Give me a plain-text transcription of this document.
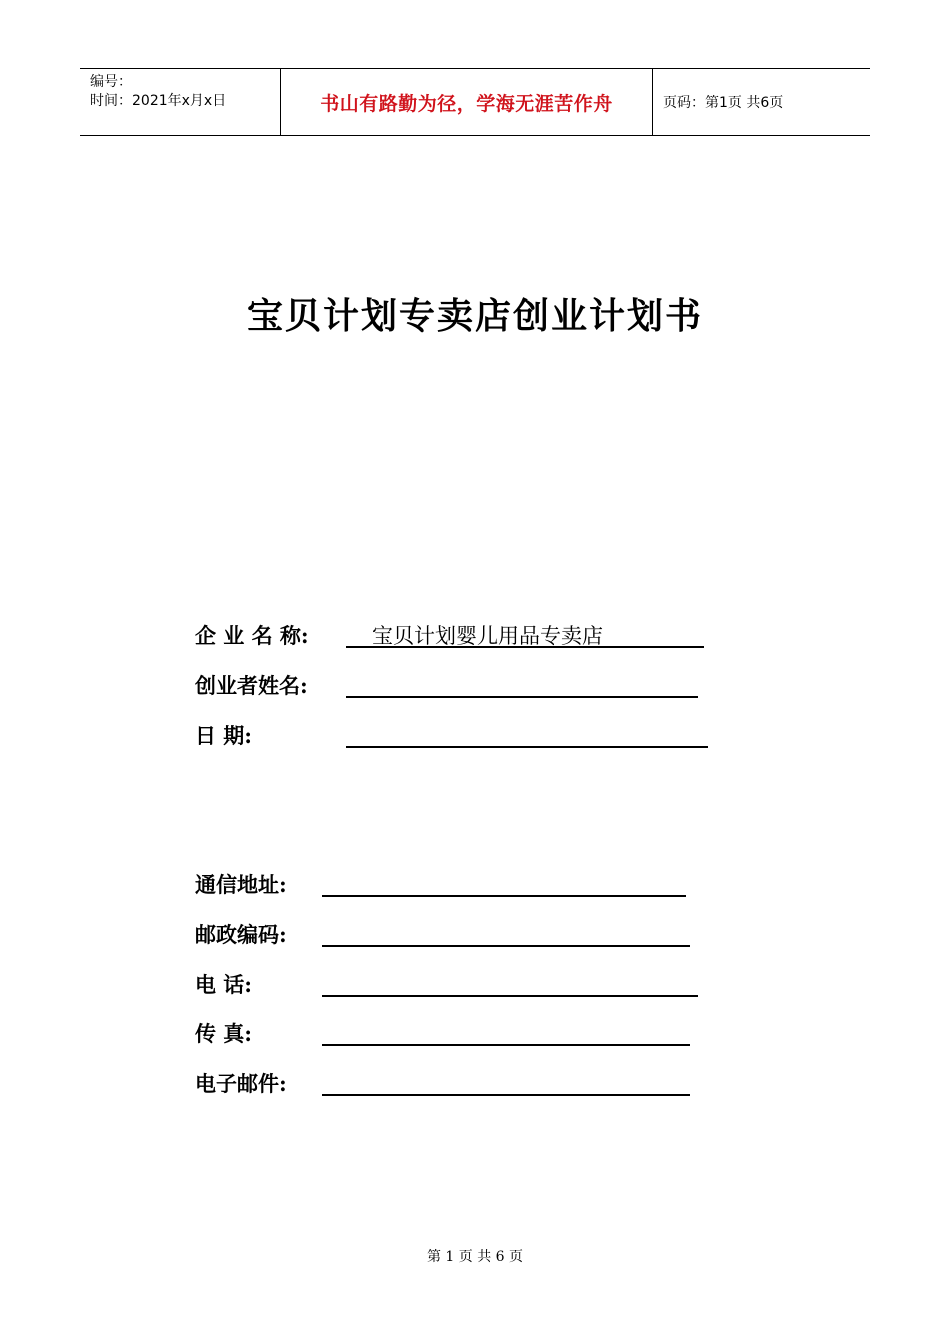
编号：
时间：2021年x月x日	书山有路勤为径，学海无涯苦作舟	页码：第1页 共6页
宝贝计划专卖店创业计划书
企 业 名 称:	宝贝计划婴儿用品专卖店
创业者姓名:
日 期:
通信地址:
邮政编码:
电 话:
传 真:
电子邮件:
第 1 页 共 6 页
